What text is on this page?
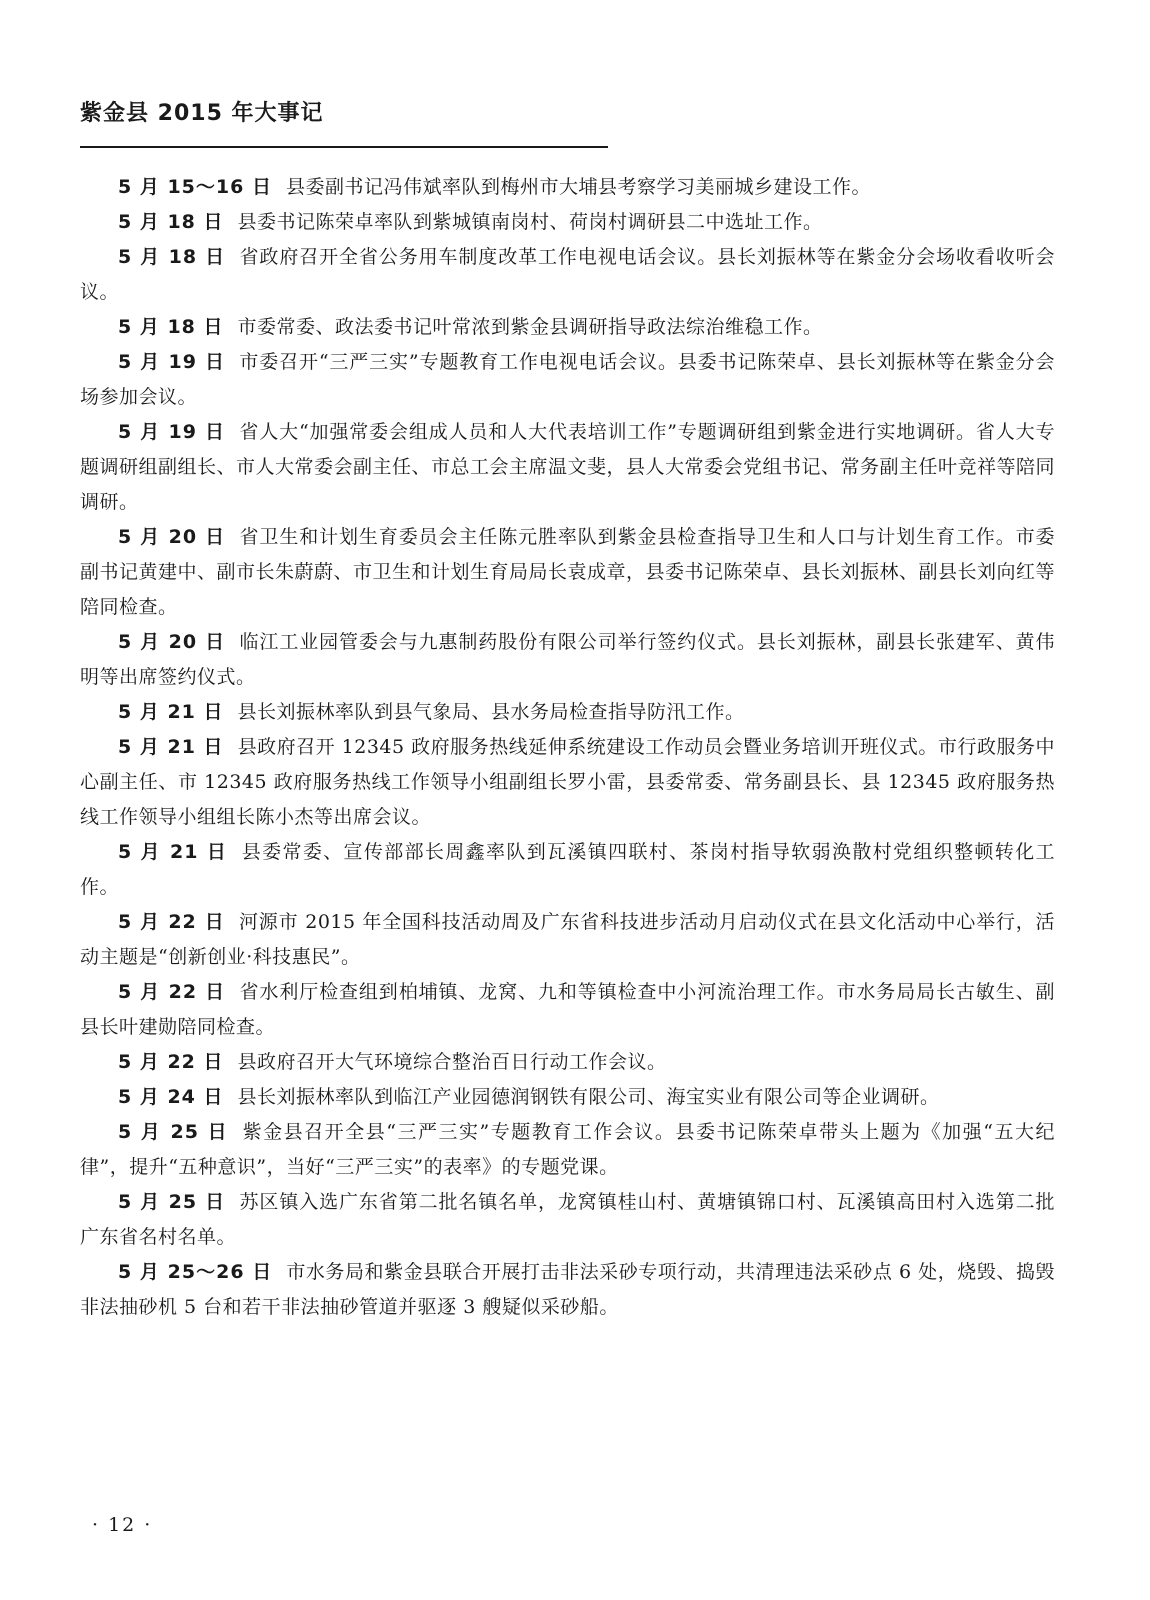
紫金县 2015 年大事记

5 月 15～16 日 县委副书记冯伟斌率队到梅州市大埔县考察学习美丽城乡建设工作。

5 月 18 日 县委书记陈荣卓率队到紫城镇南岗村、荷岗村调研县二中选址工作。

5 月 18 日 省政府召开全省公务用车制度改革工作电视电话会议。县长刘振林等在紫金分会场收看收听会议。

5 月 18 日 市委常委、政法委书记叶常浓到紫金县调研指导政法综治维稳工作。

5 月 19 日 市委召开“三严三实”专题教育工作电视电话会议。县委书记陈荣卓、县长刘振林等在紫金分会场参加会议。

5 月 19 日 省人大“加强常委会组成人员和人大代表培训工作”专题调研组到紫金进行实地调研。省人大专题调研组副组长、市人大常委会副主任、市总工会主席温文斐，县人大常委会党组书记、常务副主任叶竞祥等陪同调研。

5 月 20 日 省卫生和计划生育委员会主任陈元胜率队到紫金县检查指导卫生和人口与计划生育工作。市委副书记黄建中、副市长朱蔚蔚、市卫生和计划生育局局长袁成章，县委书记陈荣卓、县长刘振林、副县长刘向红等陪同检查。

5 月 20 日 临江工业园管委会与九惠制药股份有限公司举行签约仪式。县长刘振林，副县长张建军、黄伟明等出席签约仪式。

5 月 21 日 县长刘振林率队到县气象局、县水务局检查指导防汛工作。

5 月 21 日 县政府召开 12345 政府服务热线延伸系统建设工作动员会暨业务培训开班仪式。市行政服务中心副主任、市 12345 政府服务热线工作领导小组副组长罗小雷，县委常委、常务副县长、县 12345 政府服务热线工作领导小组组长陈小杰等出席会议。

5 月 21 日 县委常委、宣传部部长周鑫率队到瓦溪镇四联村、茶岗村指导软弱涣散村党组织整顿转化工作。

5 月 22 日 河源市 2015 年全国科技活动周及广东省科技进步活动月启动仪式在县文化活动中心举行，活动主题是“创新创业·科技惠民”。

5 月 22 日 省水利厅检查组到柏埔镇、龙窝、九和等镇检查中小河流治理工作。市水务局局长古敏生、副县长叶建勋陪同检查。

5 月 22 日 县政府召开大气环境综合整治百日行动工作会议。

5 月 24 日 县长刘振林率队到临江产业园德润钢铁有限公司、海宝实业有限公司等企业调研。

5 月 25 日 紫金县召开全县“三严三实”专题教育工作会议。县委书记陈荣卓带头上题为《加强“五大纪律”，提升“五种意识”，当好“三严三实”的表率》的专题党课。

5 月 25 日 苏区镇入选广东省第二批名镇名单，龙窝镇桂山村、黄塘镇锦口村、瓦溪镇高田村入选第二批广东省名村名单。

5 月 25～26 日 市水务局和紫金县联合开展打击非法采砂专项行动，共清理违法采砂点 6 处，烧毁、捣毁非法抽砂机 5 台和若干非法抽砂管道并驱逐 3 艘疑似采砂船。

· 12 ·
